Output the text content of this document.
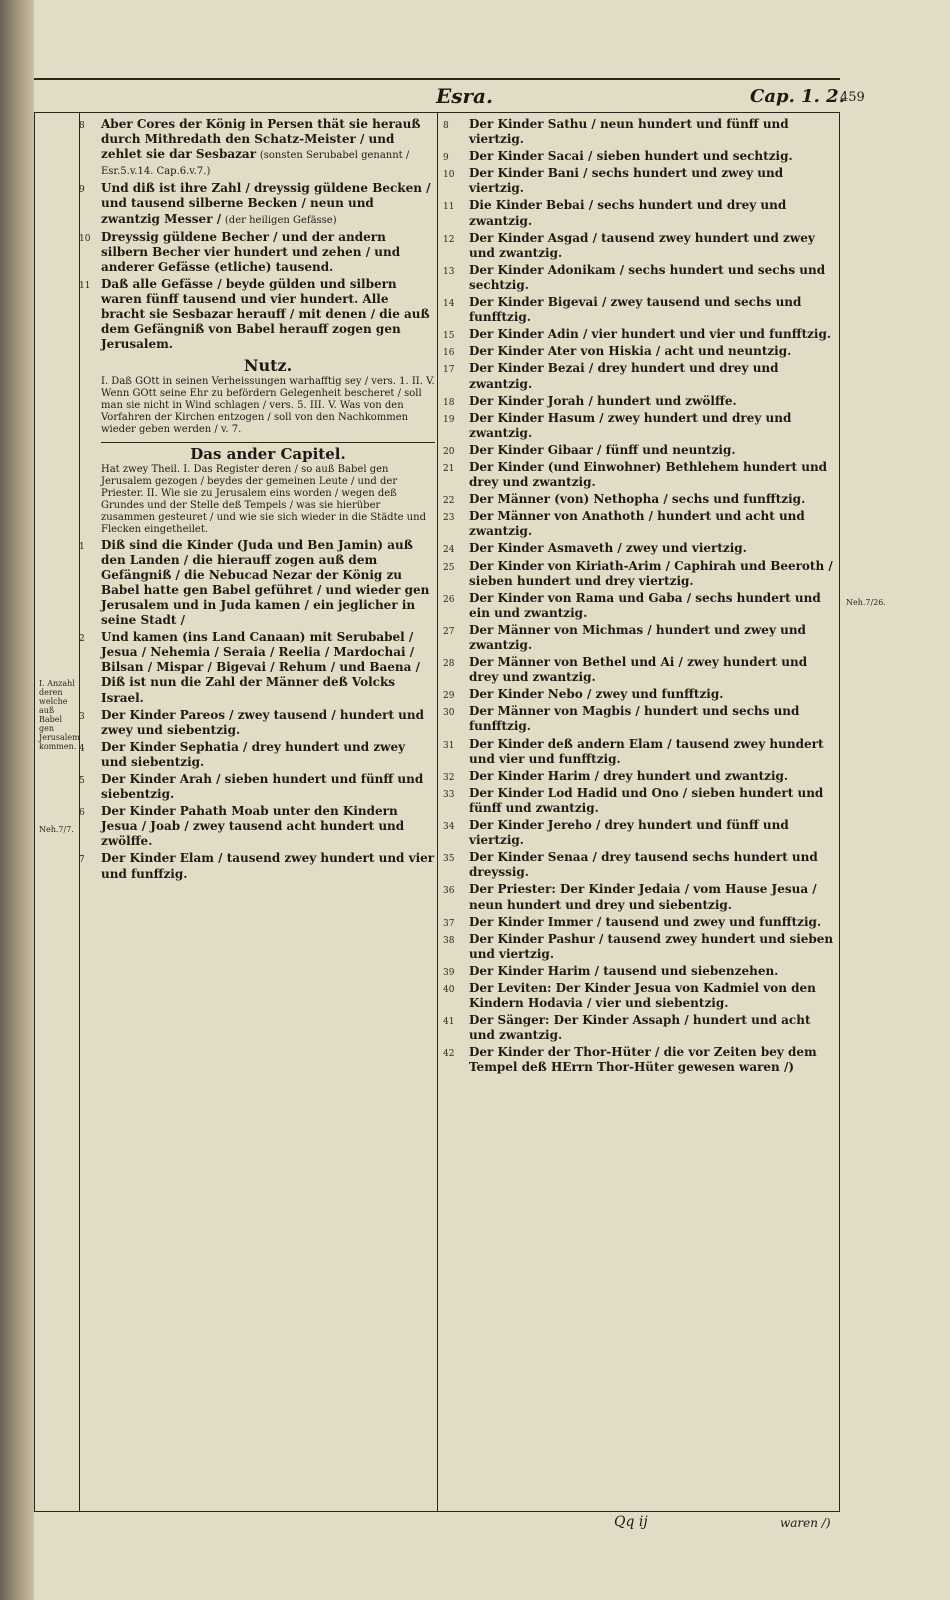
Esra.	Cap. 1. 2.
459
I. Anzahl deren welche auß Babel gen Jerusalem kommen.
Neh.7/7.
8 Aber Cores der König in Persen thät sie herauß durch Mithredath den Schatz-Meister / und zehlet sie dar Sesbazar (sonsten Serubabel genannt / Esr.5.v.14. Cap.6.v.7.)
9 Und diß ist ihre Zahl / dreyssig güldene Becken / und tausend silberne Becken / neun und zwantzig Messer / (der heiligen Gefässe)
10 Dreyssig güldene Becher / und der andern silbern Becher vier hundert und zehen / und anderer Gefässe (etliche) tausend.
11 Daß alle Gefässe / beyde gülden und silbern waren fünff tausend und vier hundert. Alle bracht sie Sesbazar herauff / mit denen / die auß dem Gefängniß von Babel herauff zogen gen Jerusalem.
Nutz.
I. Daß GOtt in seinen Verheissungen warhafftig sey / vers. 1. II. V. Wenn GOtt seine Ehr zu befördern Gelegenheit bescheret / soll man sie nicht in Wind schlagen / vers. 5. III. V. Was von den Vorfahren der Kirchen entzogen / soll von den Nachkommen wieder geben werden / v. 7.
Das ander Capitel.
Hat zwey Theil. I. Das Register deren / so auß Babel gen Jerusalem gezogen / beydes der gemeinen Leute / und der Priester. II. Wie sie zu Jerusalem eins worden / wegen deß Grundes und der Stelle deß Tempels / was sie hierüber zusammen gesteuret / und wie sie sich wieder in die Städte und Flecken eingetheilet.
1 Diß sind die Kinder (Juda und Ben Jamin) auß den Landen / die hierauff zogen auß dem Gefängniß / die Nebucad Nezar der König zu Babel hatte gen Babel geführet / und wieder gen Jerusalem und in Juda kamen / ein jeglicher in seine Stadt /
2 Und kamen (ins Land Canaan) mit Serubabel / Jesua / Nehemia / Seraia / Reelia / Mardochai / Bilsan / Mispar / Bigevai / Rehum / und Baena / Diß ist nun die Zahl der Männer deß Volcks Israel.
3 Der Kinder Pareos / zwey tausend / hundert und zwey und siebentzig.
4 Der Kinder Sephatia / drey hundert und zwey und siebentzig.
5 Der Kinder Arah / sieben hundert und fünff und siebentzig.
6 Der Kinder Pahath Moab unter den Kindern Jesua / Joab / zwey tausend acht hundert und zwölffe.
7 Der Kinder Elam / tausend zwey hundert und vier und funffzig.
8 Der Kinder Sathu / neun hundert und fünff und viertzig.
9 Der Kinder Sacai / sieben hundert und sechtzig.
10 Der Kinder Bani / sechs hundert und zwey und viertzig.
11 Die Kinder Bebai / sechs hundert und drey und zwantzig.
12 Der Kinder Asgad / tausend zwey hundert und zwey und zwantzig.
13 Der Kinder Adonikam / sechs hundert und sechs und sechtzig.
14 Der Kinder Bigevai / zwey tausend und sechs und funfftzig.
15 Der Kinder Adin / vier hundert und vier und funfftzig.
16 Der Kinder Ater von Hiskia / acht und neuntzig.
17 Der Kinder Bezai / drey hundert und drey und zwantzig.
18 Der Kinder Jorah / hundert und zwölffe.
19 Der Kinder Hasum / zwey hundert und drey und zwantzig.
20 Der Kinder Gibaar / fünff und neuntzig.
21 Der Kinder (und Einwohner) Bethlehem hundert und drey und zwantzig.
22 Der Männer (von) Nethopha / sechs und funfftzig.
23 Der Männer von Anathoth / hundert und acht und zwantzig.
24 Der Kinder Asmaveth / zwey und viertzig.
25 Der Kinder von Kiriath-Arim / Caphirah und Beeroth / sieben hundert und drey viertzig.
26 Der Kinder von Rama und Gaba / sechs hundert und ein und zwantzig.
27 Der Männer von Michmas / hundert und zwey und zwantzig.
28 Der Männer von Bethel und Ai / zwey hundert und drey und zwantzig.
29 Der Kinder Nebo / zwey und funfftzig.
30 Der Männer von Magbis / hundert und sechs und funfftzig.
31 Der Kinder deß andern Elam / tausend zwey hundert und vier und funfftzig.
32 Der Kinder Harim / drey hundert und zwantzig.
33 Der Kinder Lod Hadid und Ono / sieben hundert und fünff und zwantzig.
34 Der Kinder Jereho / drey hundert und fünff und viertzig.
35 Der Kinder Senaa / drey tausend sechs hundert und dreyssig.
36 Der Priester: Der Kinder Jedaia / vom Hause Jesua / neun hundert und drey und siebentzig.
37 Der Kinder Immer / tausend und zwey und funfftzig.
38 Der Kinder Pashur / tausend zwey hundert und sieben und viertzig.
39 Der Kinder Harim / tausend und siebenzehen.
40 Der Leviten: Der Kinder Jesua von Kadmiel von den Kindern Hodavia / vier und siebentzig.
41 Der Sänger: Der Kinder Assaph / hundert und acht und zwantzig.
42 Der Kinder der Thor-Hüter / die vor Zeiten bey dem Tempel deß HErrn Thor-Hüter gewesen waren /)
Neh.7/26.
Qq ij	waren /)
